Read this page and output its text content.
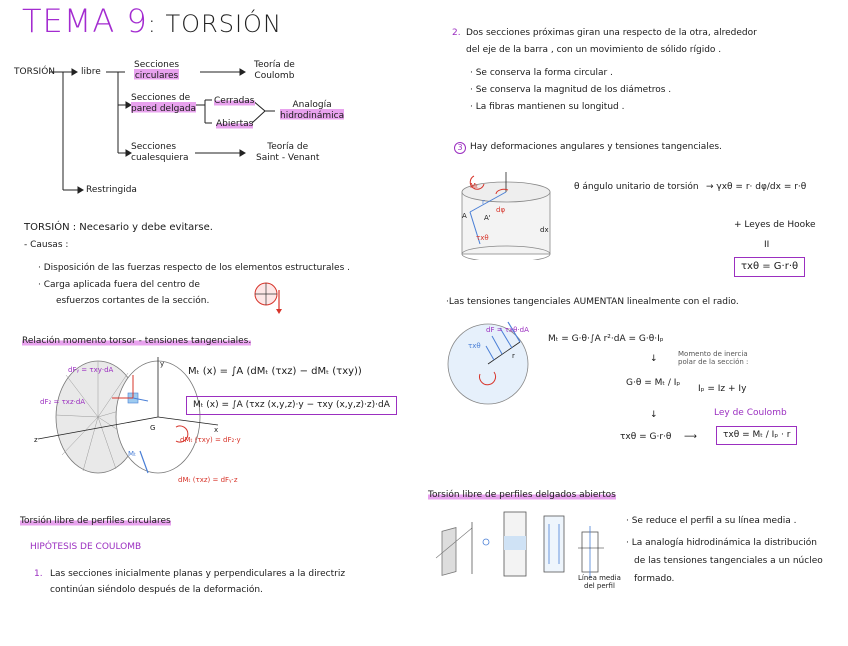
TEMA 9: TORSIÓN
TORSIÓN	libre
Secciones
circulares
Teoría de
Coulomb
Secciones de
pared delgada
Cerradas
Abiertas
Analogía
hidrodinámica
Secciones
cualesquiera
Teoría de
Saint - Venant
Restringida
TORSIÓN : Necesario y debe evitarse.
- Causas :
· Disposición de las fuerzas respecto de los elementos estructurales .
· Carga aplicada fuera del centro de
esfuerzos cortantes de la sección.
Relación momento torsor - tensiones tangenciales.
dFᵧ = τxy·dA
dF₂ = τxz·dA
y
z
x
G
Mₜ
dMₜ (τxy) = dF₂·y
dMₜ (τxz) = dFᵧ·z
Mₜ (x) = ∫A (dMₜ (τxz) − dMₜ (τxy))
Mₜ (x) = ∫A (τxz (x,y,z)·y − τxy (x,y,z)·z)·dA
Torsión libre de perfiles circulares
HIPÓTESIS DE COULOMB
1. Las secciones inicialmente planas y perpendiculares a la directriz
continúan siéndolo después de la deformación.
2. Dos secciones próximas giran una respecto de la otra, alrededor
del eje de la barra , con un movimiento de sólido rígido .
· Se conserva la forma circular .
· Se conserva la magnitud de los diámetros .
· La fibras mantienen su longitud .
3 Hay deformaciones angulares y tensiones tangenciales.
dx
τxθ
A A'
r
dφ
Mₜ	θ ángulo unitario de torsión → γxθ = r· dφ/dx = r·θ
+ Leyes de Hooke
II
τxθ = G·r·θ
·Las tensiones tangenciales AUMENTAN linealmente con el radio.
dF = τxθ·dA
r
τxθ
Mₜ = G·θ·∫A r²·dA = G·θ·Iₚ
Momento de inercia
polar de la sección :
↓
G·θ = Mₜ / Iₚ
Iₚ = Iz + Iy
↓	Ley de Coulomb
τxθ = G·r·θ ⟶	τxθ = Mₜ / Iₚ · r
Torsión libre de perfiles delgados abiertos
Línea media
del perfil
· Se reduce el perfil a su línea media .
· La analogía hidrodinámica la distribución
de las tensiones tangenciales a un núcleo
formado.
